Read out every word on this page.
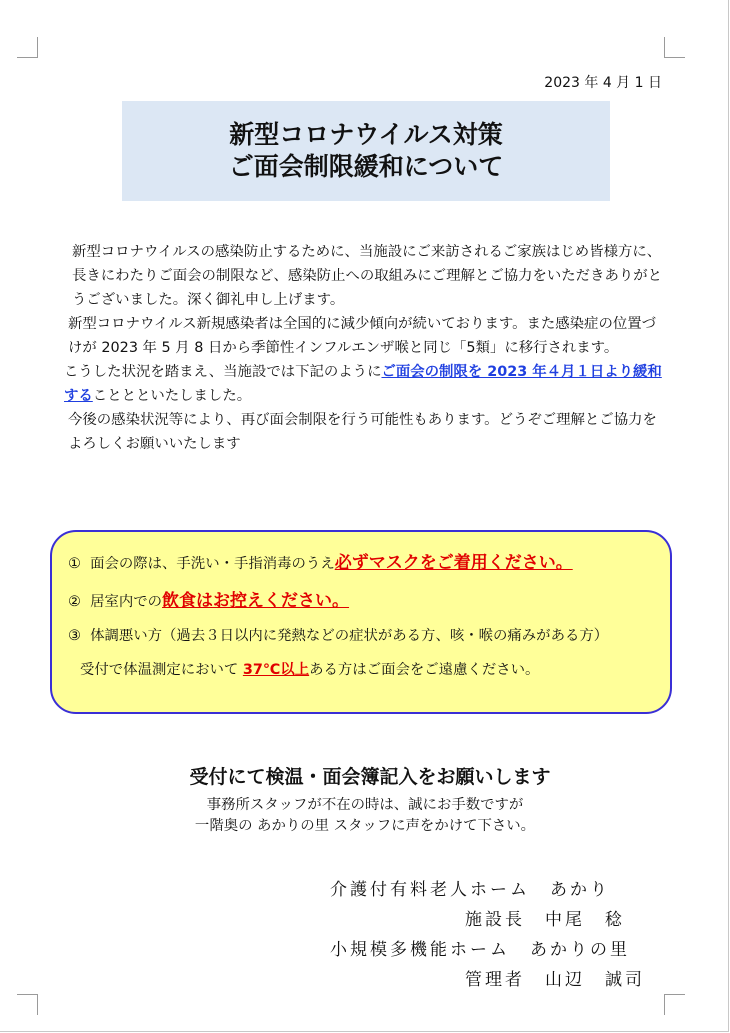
2023 年 4 月 1 日
新型コロナウイルス対策
ご面会制限緩和について

新型コロナウイルスの感染防止するために、当施設にご来訪されるご家族はじめ皆様方に、長きにわたりご面会の制限など、感染防止への取組みにご理解とご協力をいただきありがとうございました。深く御礼申し上げます。

新型コロナウイルス新規感染者は全国的に減少傾向が続いております。また感染症の位置づけが 2023 年 5 月 8 日から季節性インフルエンザ喉と同じ「5類」に移行されます。

こうした状況を踏まえ、当施設では下記のようにご面会の制限を 2023 年４月１日より緩和することとといたしました。

今後の感染状況等により、再び面会制限を行う可能性もあります。どうぞご理解とご協力をよろしくお願いいたします

① 面会の際は、手洗い・手指消毒のうえ必ずマスクをご着用ください。
② 居室内での飲食はお控えください。
③ 体調悪い方（過去３日以内に発熱などの症状がある方、咳・喉の痛みがある方）
受付で体温測定において 37℃以上ある方はご面会をご遠慮ください。
受付にて検温・面会簿記入をお願いします
事務所スタッフが不在の時は、誠にお手数ですが
一階奥の あかりの里 スタッフに声をかけて下さい。
介護付有料老人ホーム　あかり
施設長　中尾　稔
小規模多機能ホーム　あかりの里
管理者　山辺　誠司
